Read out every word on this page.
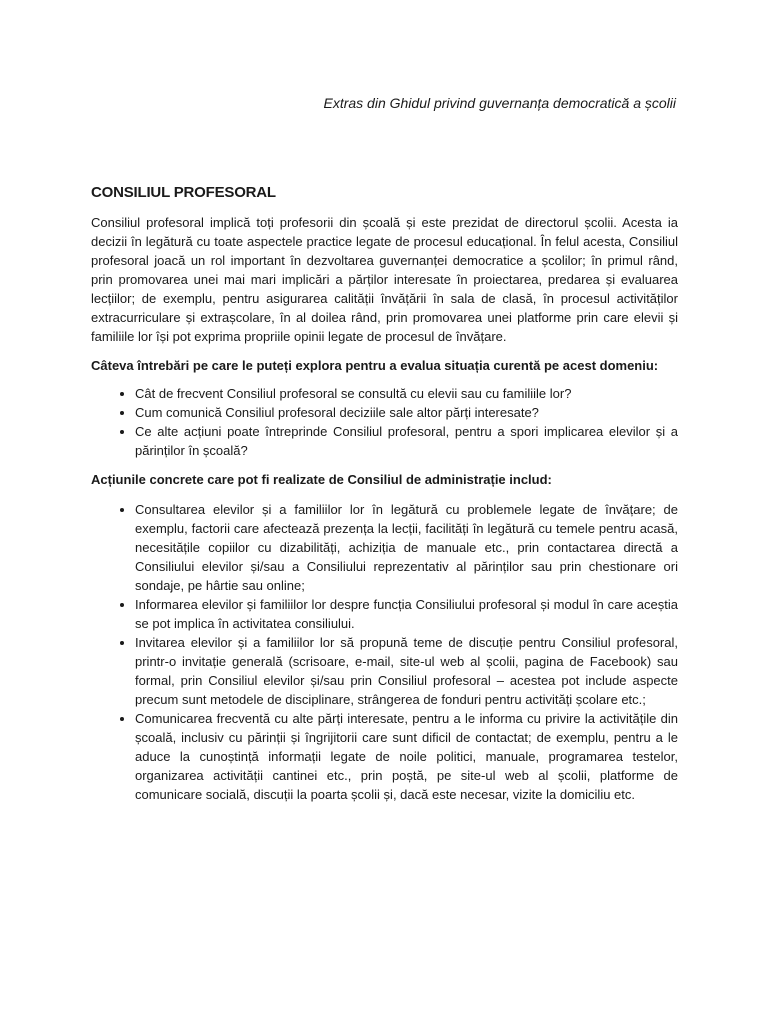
Extras din Ghidul privind guvernanța democratică a școlii

CONSILIUL PROFESORAL

Consiliul profesoral implică toți profesorii din școală și este prezidat de directorul școlii. Acesta ia decizii în legătură cu toate aspectele practice legate de procesul educațional. În felul acesta, Consiliul profesoral joacă un rol important în dezvoltarea guvernanței democratice a școlilor; în primul rând, prin promovarea unei mai mari implicări a părților interesate în proiectarea, predarea și evaluarea lecțiilor; de exemplu, pentru asigurarea calității învățării în sala de clasă, în procesul activităților extracurriculare și extrașcolare, în al doilea rând, prin promovarea unei platforme prin care elevii și familiile lor își pot exprima propriile opinii legate de procesul de învățare.

Câteva întrebări pe care le puteți explora pentru a evalua situația curentă pe acest domeniu:

• Cât de frecvent Consiliul profesoral se consultă cu elevii sau cu familiile lor?
• Cum comunică Consiliul profesoral deciziile sale altor părți interesate?
• Ce alte acțiuni poate întreprinde Consiliul profesoral, pentru a spori implicarea elevilor și a părinților în școală?

Acțiunile concrete care pot fi realizate de Consiliul de administrație includ:

• Consultarea elevilor și a familiilor lor în legătură cu problemele legate de învățare; de exemplu, factorii care afectează prezența la lecții, facilități în legătură cu temele pentru acasă, necesitățile copiilor cu dizabilități, achiziția de manuale etc., prin contactarea directă a Consiliului elevilor și/sau a Consiliului reprezentativ al părinților sau prin chestionare ori sondaje, pe hârtie sau online;
• Informarea elevilor și familiilor lor despre funcția Consiliului profesoral și modul în care aceștia se pot implica în activitatea consiliului.
• Invitarea elevilor și a familiilor lor să propună teme de discuție pentru Consiliul profesoral, printr-o invitație generală (scrisoare, e-mail, site-ul web al școlii, pagina de Facebook) sau formal, prin Consiliul elevilor și/sau prin Consiliul profesoral – acestea pot include aspecte precum sunt metodele de disciplinare, strângerea de fonduri pentru activități școlare etc.;
• Comunicarea frecventă cu alte părți interesate, pentru a le informa cu privire la activitățile din școală, inclusiv cu părinții și îngrijitorii care sunt dificil de contactat; de exemplu, pentru a le aduce la cunoștință informații legate de noile politici, manuale, programarea testelor, organizarea activității cantinei etc., prin poștă, pe site-ul web al școlii, platforme de comunicare socială, discuții la poarta școlii și, dacă este necesar, vizite la domiciliu etc.
